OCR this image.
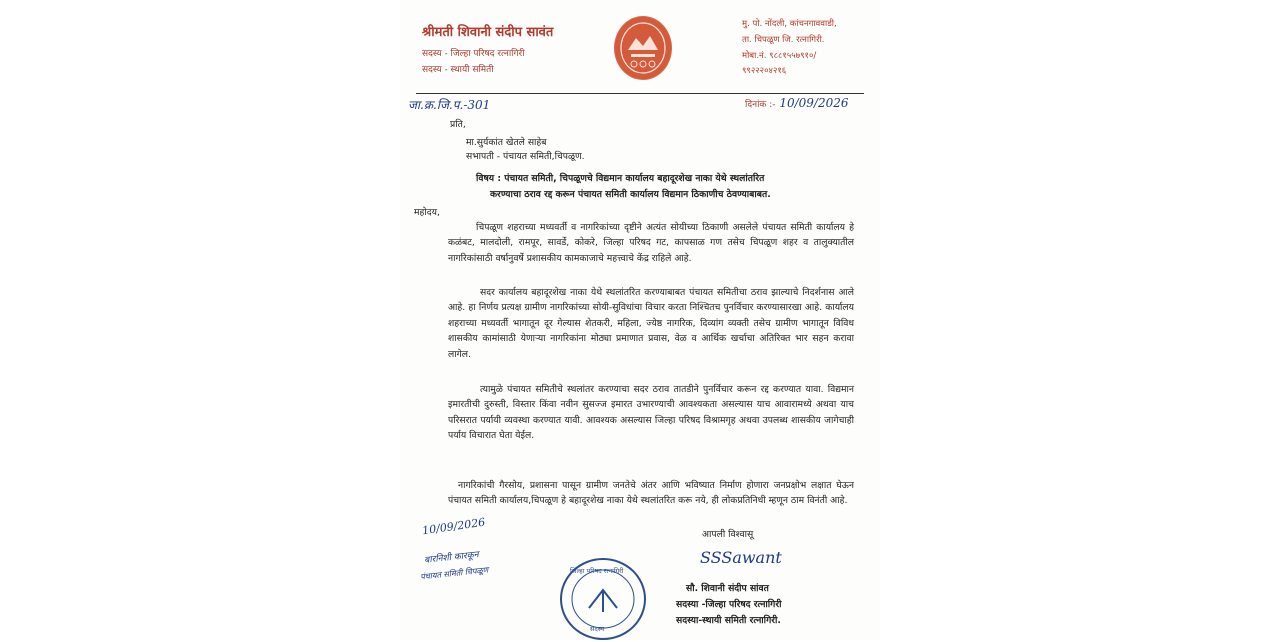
श्रीमती शिवानी संदीप सावंत
सदस्य - जिल्हा परिषद रत्नागिरी
सदस्य - स्थायी समिती
मु. पो. नोंदली, कांचनगाववाडी,
ता. चिपळूण जि. रत्नागिरी.
मोबा.नं. ९८८१५५७९१०/
९९२२२०४२१६
जा.क्र.जि.प.-301	दिनांक :- 10/09/2026
प्रति,
मा.सुर्यकांत खेतले साहेब
सभापती - पंचायत समिती,चिपळूण.
विषय : पंचायत समिती, चिपळूणचे विद्यमान कार्यालय बहादूरशेख नाका येथे स्थलांतरित
करण्याचा ठराव रद्द करून पंचायत समिती कार्यालय विद्यमान ठिकाणीच ठेवण्याबाबत.
महोदय,
चिपळूण शहराच्या मध्यवर्ती व नागरिकांच्या दृष्टीने अत्यंत सोयीच्या ठिकाणी असलेले पंचायत समिती कार्यालय हे कळंबट, मालदोली, रामपूर, सावर्डे, कोकरे, जिल्हा परिषद गट, कापसाळ गण तसेच चिपळूण शहर व तालुक्यातील नागरिकांसाठी वर्षानुवर्षे प्रशासकीय कामकाजाचे महत्त्वाचे केंद्र राहिले आहे.
सदर कार्यालय बहादूरशेख नाका येथे स्थलांतरित करण्याबाबत पंचायत समितीचा ठराव झाल्याचे निदर्शनास आले आहे. हा निर्णय प्रत्यक्ष ग्रामीण नागरिकांच्या सोयी-सुविधांचा विचार करता निश्चितच पुनर्विचार करण्यासारखा आहे. कार्यालय शहराच्या मध्यवर्ती भागातून दूर गेल्यास शेतकरी, महिला, ज्येष्ठ नागरिक, दिव्यांग व्यक्ती तसेच ग्रामीण भागातून विविध शासकीय कामांसाठी येणाऱ्या नागरिकांना मोठ्या प्रमाणात प्रवास, वेळ व आर्थिक खर्चाचा अतिरिक्त भार सहन करावा लागेल.
त्यामुळे पंचायत समितीचे स्थलांतर करण्याचा सदर ठराव तातडीने पुनर्विचार करून रद्द करण्यात यावा. विद्यमान इमारतीची दुरुस्ती, विस्तार किंवा नवीन सुसज्ज इमारत उभारण्याची आवश्यकता असल्यास याच आवारामध्ये अथवा याच परिसरात पर्यायी व्यवस्था करण्यात यावी. आवश्यक असल्यास जिल्हा परिषद विश्रामगृह अथवा उपलब्ध शासकीय जागेचाही पर्याय विचारात घेता येईल.
नागरिकांची गैरसोय, प्रशासना पासून ग्रामीण जनतेचे अंतर आणि भविष्यात निर्माण होणारा जनप्रक्षोभ लक्षात घेऊन पंचायत समिती कार्यालय,चिपळूण हे बहादूरशेख नाका येथे स्थलांतरित करू नये, ही लोकप्रतिनिधी म्हणून ठाम विनंती आहे.
10/09/2026
बारनिशी कारकून
पंचायत समिती चिपळूण	जिल्हा परिषद रत्नागिरी
सदस्य
आपली विश्वासू
SSSawant
सौ. शिवानी संदीप सांवत
सदस्या -जिल्हा परिषद रत्नागिरी
सदस्या-स्थायी समिती रत्नागिरी.
